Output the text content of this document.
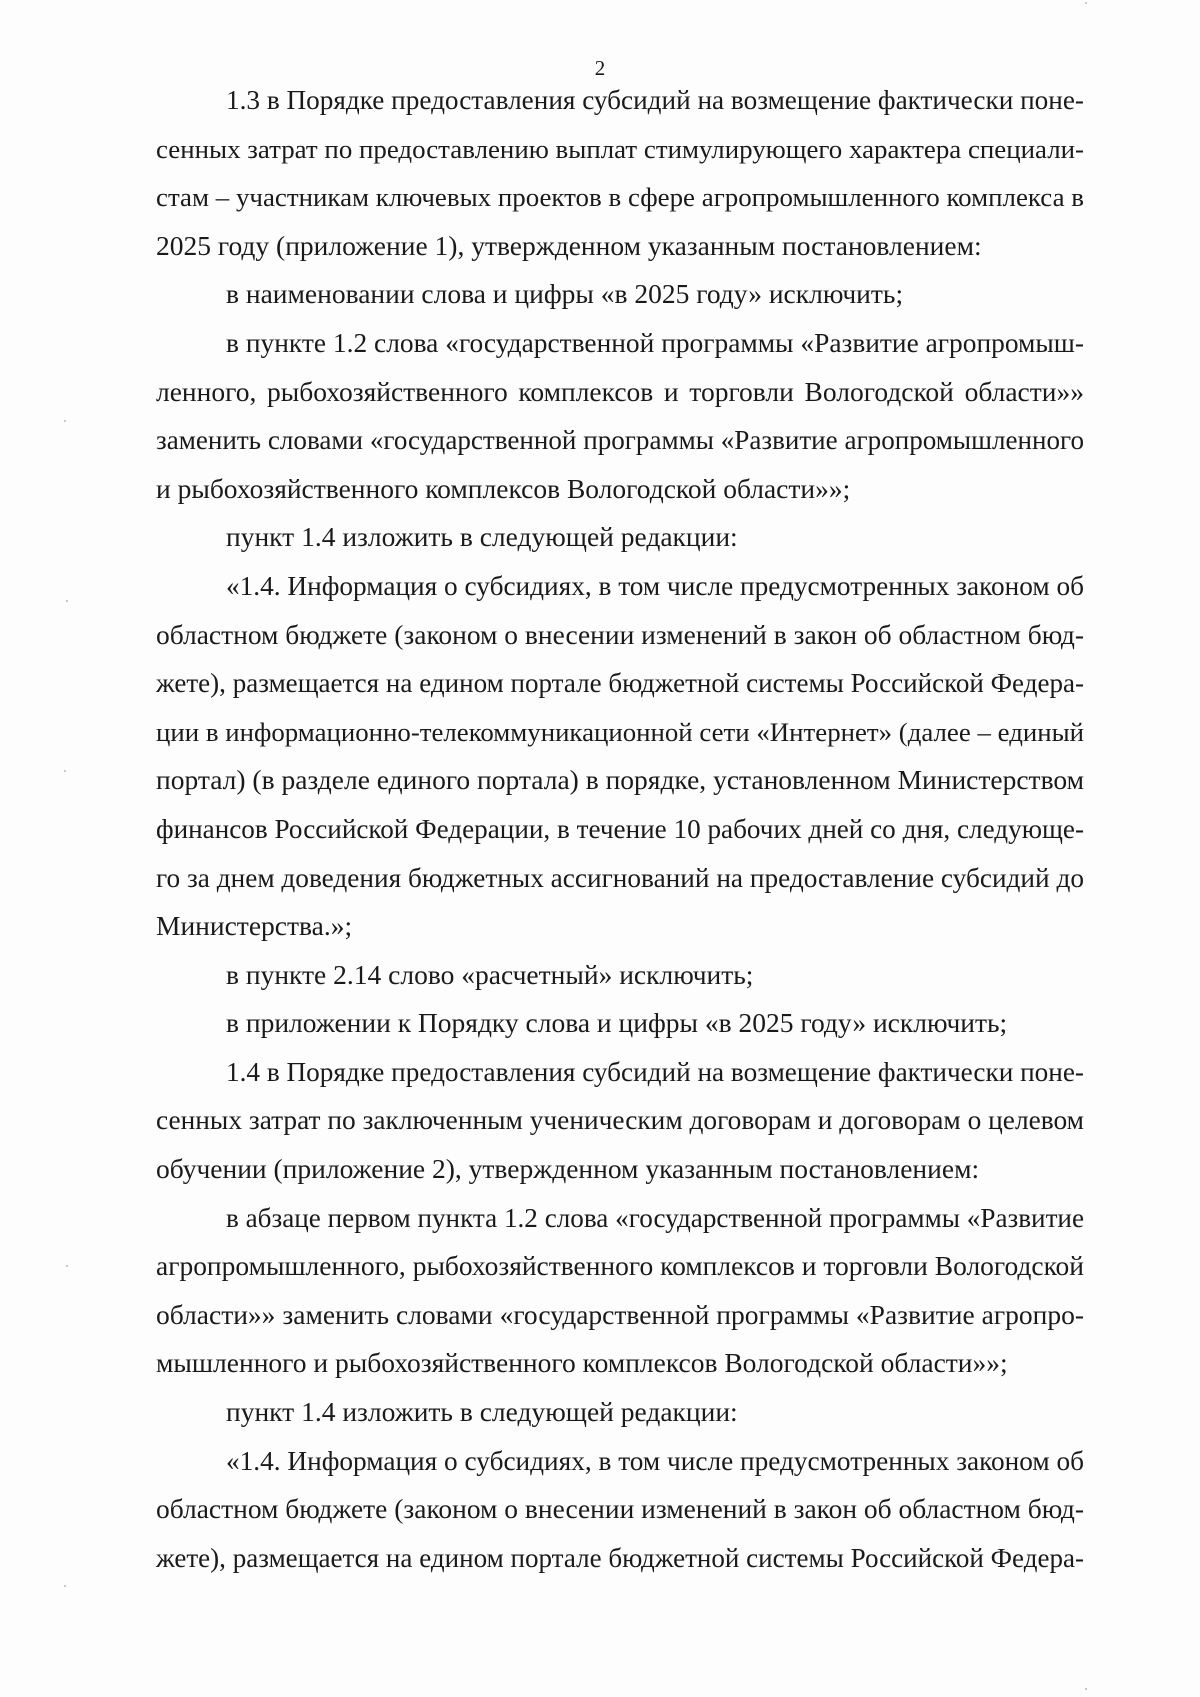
2
1.3 в Порядке предоставления субсидий на возмещение фактически поне-
сенных затрат по предоставлению выплат стимулирующего характера специали-
стам – участникам ключевых проектов в сфере агропромышленного комплекса в
2025 году (приложение 1), утвержденном указанным постановлением:
в наименовании слова и цифры «в 2025 году» исключить;
в пункте 1.2 слова «государственной программы «Развитие агропромыш-
ленного, рыбохозяйственного комплексов и торговли Вологодской области»»
заменить словами «государственной программы «Развитие агропромышленного
и рыбохозяйственного комплексов Вологодской области»»;
пункт 1.4 изложить в следующей редакции:
«1.4. Информация о субсидиях, в том числе предусмотренных законом об
областном бюджете (законом о внесении изменений в закон об областном бюд-
жете), размещается на едином портале бюджетной системы Российской Федера-
ции в информационно-телекоммуникационной сети «Интернет» (далее – единый
портал) (в разделе единого портала) в порядке, установленном Министерством
финансов Российской Федерации, в течение 10 рабочих дней со дня, следующе-
го за днем доведения бюджетных ассигнований на предоставление субсидий до
Министерства.»;
в пункте 2.14 слово «расчетный» исключить;
в приложении к Порядку слова и цифры «в 2025 году» исключить;
1.4 в Порядке предоставления субсидий на возмещение фактически поне-
сенных затрат по заключенным ученическим договорам и договорам о целевом
обучении (приложение 2), утвержденном указанным постановлением:
в абзаце первом пункта 1.2 слова «государственной программы «Развитие
агропромышленного, рыбохозяйственного комплексов и торговли Вологодской
области»» заменить словами «государственной программы «Развитие агропро-
мышленного и рыбохозяйственного комплексов Вологодской области»»;
пункт 1.4 изложить в следующей редакции:
«1.4. Информация о субсидиях, в том числе предусмотренных законом об
областном бюджете (законом о внесении изменений в закон об областном бюд-
жете), размещается на едином портале бюджетной системы Российской Федера-
